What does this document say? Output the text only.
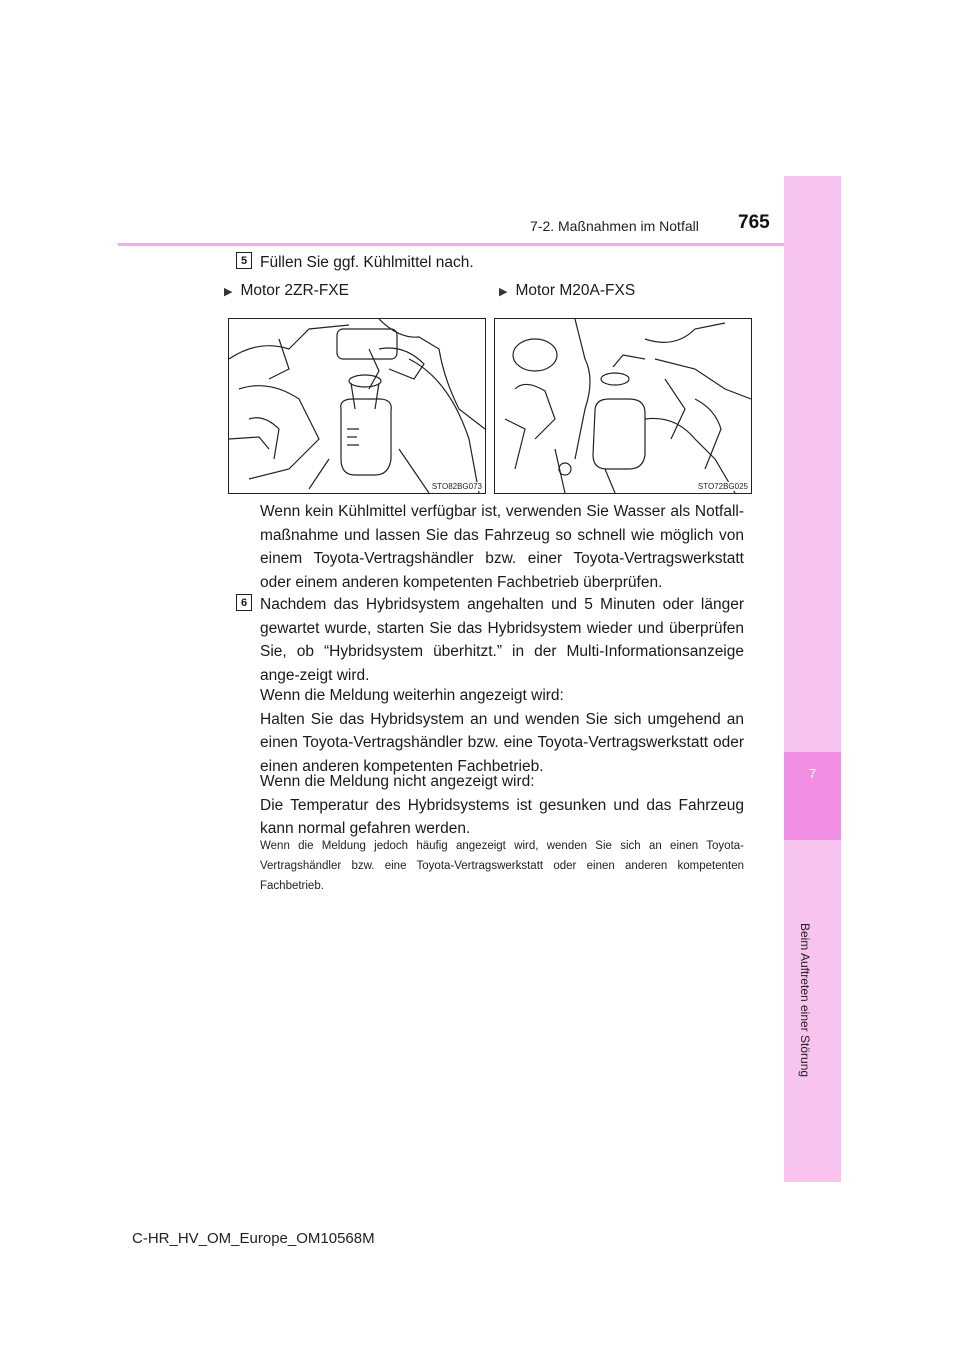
7
Beim Auftreten einer Störung
7-2. Maßnahmen im Notfall 765
5 Füllen Sie ggf. Kühlmittel nach.
▶ Motor 2ZR-FXE	▶ Motor M20A-FXS
STO82BG073	STO72BG025
Wenn kein Kühlmittel verfügbar ist, verwenden Sie Wasser als Notfall-maßnahme und lassen Sie das Fahrzeug so schnell wie möglich von einem Toyota-Vertragshändler bzw. einer Toyota-Vertragswerkstatt oder einem anderen kompetenten Fachbetrieb überprüfen.
6 Nachdem das Hybridsystem angehalten und 5 Minuten oder länger gewartet wurde, starten Sie das Hybridsystem wieder und überprüfen Sie, ob “Hybridsystem überhitzt.” in der Multi-Informationsanzeige ange-zeigt wird.
Wenn die Meldung weiterhin angezeigt wird:
Halten Sie das Hybridsystem an und wenden Sie sich umgehend an einen Toyota-Vertragshändler bzw. eine Toyota-Vertragswerkstatt oder einen anderen kompetenten Fachbetrieb.
Wenn die Meldung nicht angezeigt wird:
Die Temperatur des Hybridsystems ist gesunken und das Fahrzeug kann normal gefahren werden.
Wenn die Meldung jedoch häufig angezeigt wird, wenden Sie sich an einen Toyota-Vertragshändler bzw. eine Toyota-Vertragswerkstatt oder einen anderen kompetenten Fachbetrieb.
C-HR_HV_OM_Europe_OM10568M
